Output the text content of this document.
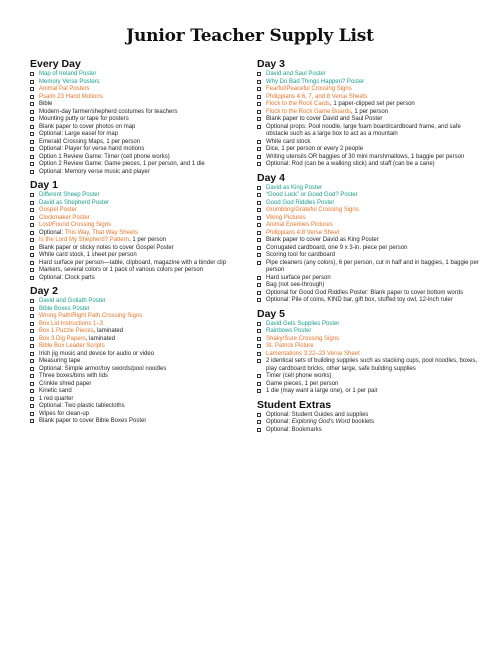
Junior Teacher Supply List
Every Day
Map of Ireland Poster
Memory Verse Posters
Animal Pal Posters
Psalm 23 Hand Motions
Bible
Modern-day farmer/shepherd costumes for teachers
Mounting putty or tape for posters
Blank paper to cover photos on map
Optional: Large easel for map
Emerald Crossing Maps, 1 per person
Optional: Player for verse hand motions
Option 1 Review Game: Timer (cell phone works)
Option 2 Review Game: Game pieces, 1 per person, and 1 die
Optional: Memory verse music and player
Day 1
Different Sheep Poster
David as Shepherd Poster
Gospel Poster
Clockmaker Poster
Lost/Found Crossing Signs
Optional: This Way, That Way Sheets
Is the Lord My Shepherd? Pattern, 1 per person
Blank paper or sticky notes to cover Gospel Poster
White card stock, 1 sheet per person
Hard surface per person—table, clipboard, magazine with a binder clip
Markers, several colors or 1 pack of various colors per person
Optional: Clock parts
Day 2
David and Goliath Poster
Bible Boxes Poster
Wrong Path/Right Path Crossing Signs
Box Lid Instructions 1–3
Box 1 Puzzle Pieces, laminated
Box 3 Dig Papers, laminated
Bible Box Leader Scripts
Irish jig music and device for audio or video
Measuring tape
Optional: Simple armor/toy swords/pool noodles
Three boxes/bins with lids
Crinkle shred paper
Kinetic sand
1 red quarter
Optional: Two plastic tablecloths
Wipes for clean-up
Blank paper to cover Bible Boxes Poster
Day 3
David and Saul Poster
Why Do Bad Things Happen? Poster
Fearful/Peaceful Crossing Signs
Philippians 4:6, 7, and 8 Verse Sheets
Flock to the Rock Cards, 1 paper-clipped set per person
Flock to the Rock Game Boards, 1 per person
Blank paper to cover David and Saul Poster
Optional props: Pool noodle, large foam board/cardboard frame, and safe obstacle such as a large box to act as a mountain
White card stock
Dice, 1 per person or every 2 people
Writing utensils OR baggies of 30 mini marshmallows, 1 baggie per person
Optional: Rod (can be a walking stick) and staff (can be a cane)
Day 4
David as King Poster
“Good Luck” or Good God? Poster
Good God Riddles Poster
Grumbling/Grateful Crossing Signs
Viking Pictures
Animal Enemies Pictures
Philippians 4:8 Verse Sheet
Blank paper to cover David as King Poster
Corrugated cardboard, one 9 x 3-in. piece per person
Scoring tool for cardboard
Pipe cleaners (any colors), 6 per person, cut in half and in baggies, 1 baggie per person
Hard surface per person
Bag (not see-through)
Optional for Good God Riddles Poster: Blank paper to cover bottom words
Optional: Pile of coins, KIND bar, gift box, stuffed toy owl, 12-inch ruler
Day 5
David Gets Supplies Poster
Rainbows Poster
Shaky/Sure Crossing Signs
St. Patrick Picture
Lamentations 3:22–23 Verse Sheet
2 identical sets of building supplies such as stacking cups, pool noodles, boxes, play cardboard bricks, other large, safe building supplies
Timer (cell phone works)
Game pieces, 1 per person
1 die (may want a large one), or 1 per pair
Student Extras
Optional: Student Guides and supplies
Optional: Exploring God’s Word booklets
Optional: Bookmarks
